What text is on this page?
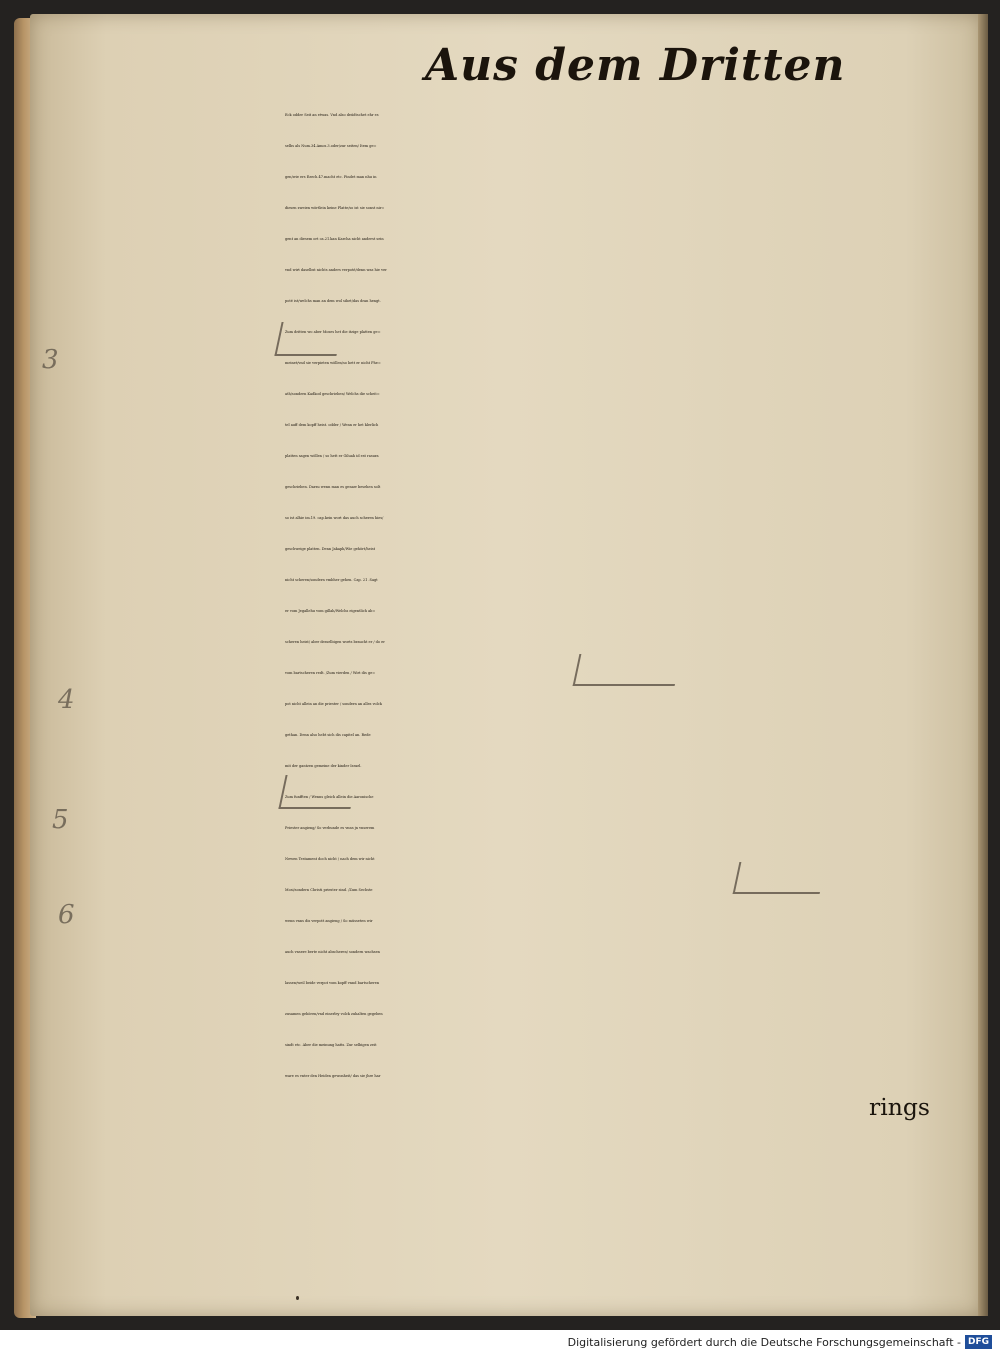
Aus dem Dritten
Eck odder Seit an etwas. Vnd also deúdtschet ehr es
selbs als Num.34.Amos.3.oder/zur seiten/ Item ge=
gen/wie ers Ezech.47.macht etc. Findet man nhu in
diesen zweien wörtlein keine Platte/so ist sie sonst nir=
gent an diesem ort ca.21.kan Karcha nicht anderst sein
vnd wirt daselbst nichts anders verpoté/denn was hie ver
poté ist/welchs man an dem wol sihet/das dran hengt.
Zum dritten wo aber Moses het die itzige platten ge=
meinet/vnd sie verpieten wöllen/so hett er nicht Phe=
ath/sondern Kadkod geschrieben/ Welchs die scheit=
tel auff dem kopff heist. odder / Wenn er het klerlich
platten sagen wöllen / so hett er Giluah id est rasura
geschrieben. Darzu wenn man es genaw besehen solt
so ist alhie im.19. cap.kein wort das auch scheren hies/
geschweige platten. Denn Jakaph/Wie gehört/heist
nicht scheren/sondern vmbher gehen. Cap. 21 .Sagt
er vom Jegallehu vom gillah/Welchs eigentlich ab=
scheren heist/ aber desselbigen worts braucht er / do er
vom bartscheren redt. /Zum vierden / Wirt dis ge=
pot nicht allein an die priester / sondern an alles volck
gethan. Denn also hebt sich dis capitel an. Rede
mit der gantzen gemeine der kinder Israel.
Zum funfften / Wenns gleich allein die Aaronische
Priester angieng/ So verbunde es vnns jn vnserem
Newen Testament doch nicht / nach dem wir nicht
Mosi/sondern Christi priester sind. /Zum Sechste
wenn vnns dis verpott angieng / So müsseten wir
auch vnsere berte nicht abscheren/ sondern wachsen
lassen/weil beide verpot vom kopff vnnd bartscheren
zusamen gehören/vnd einerley volck zuhalten gegeben
sindt etc. Aber die meinung hatts. Zur selbigen zeit
ware es vnter den Heiden gewonheit/ das sie jhre har
rings
3
4
5
6
Digitalisierung gefördert durch die Deutsche Forschungsgemeinschaft - DFG
